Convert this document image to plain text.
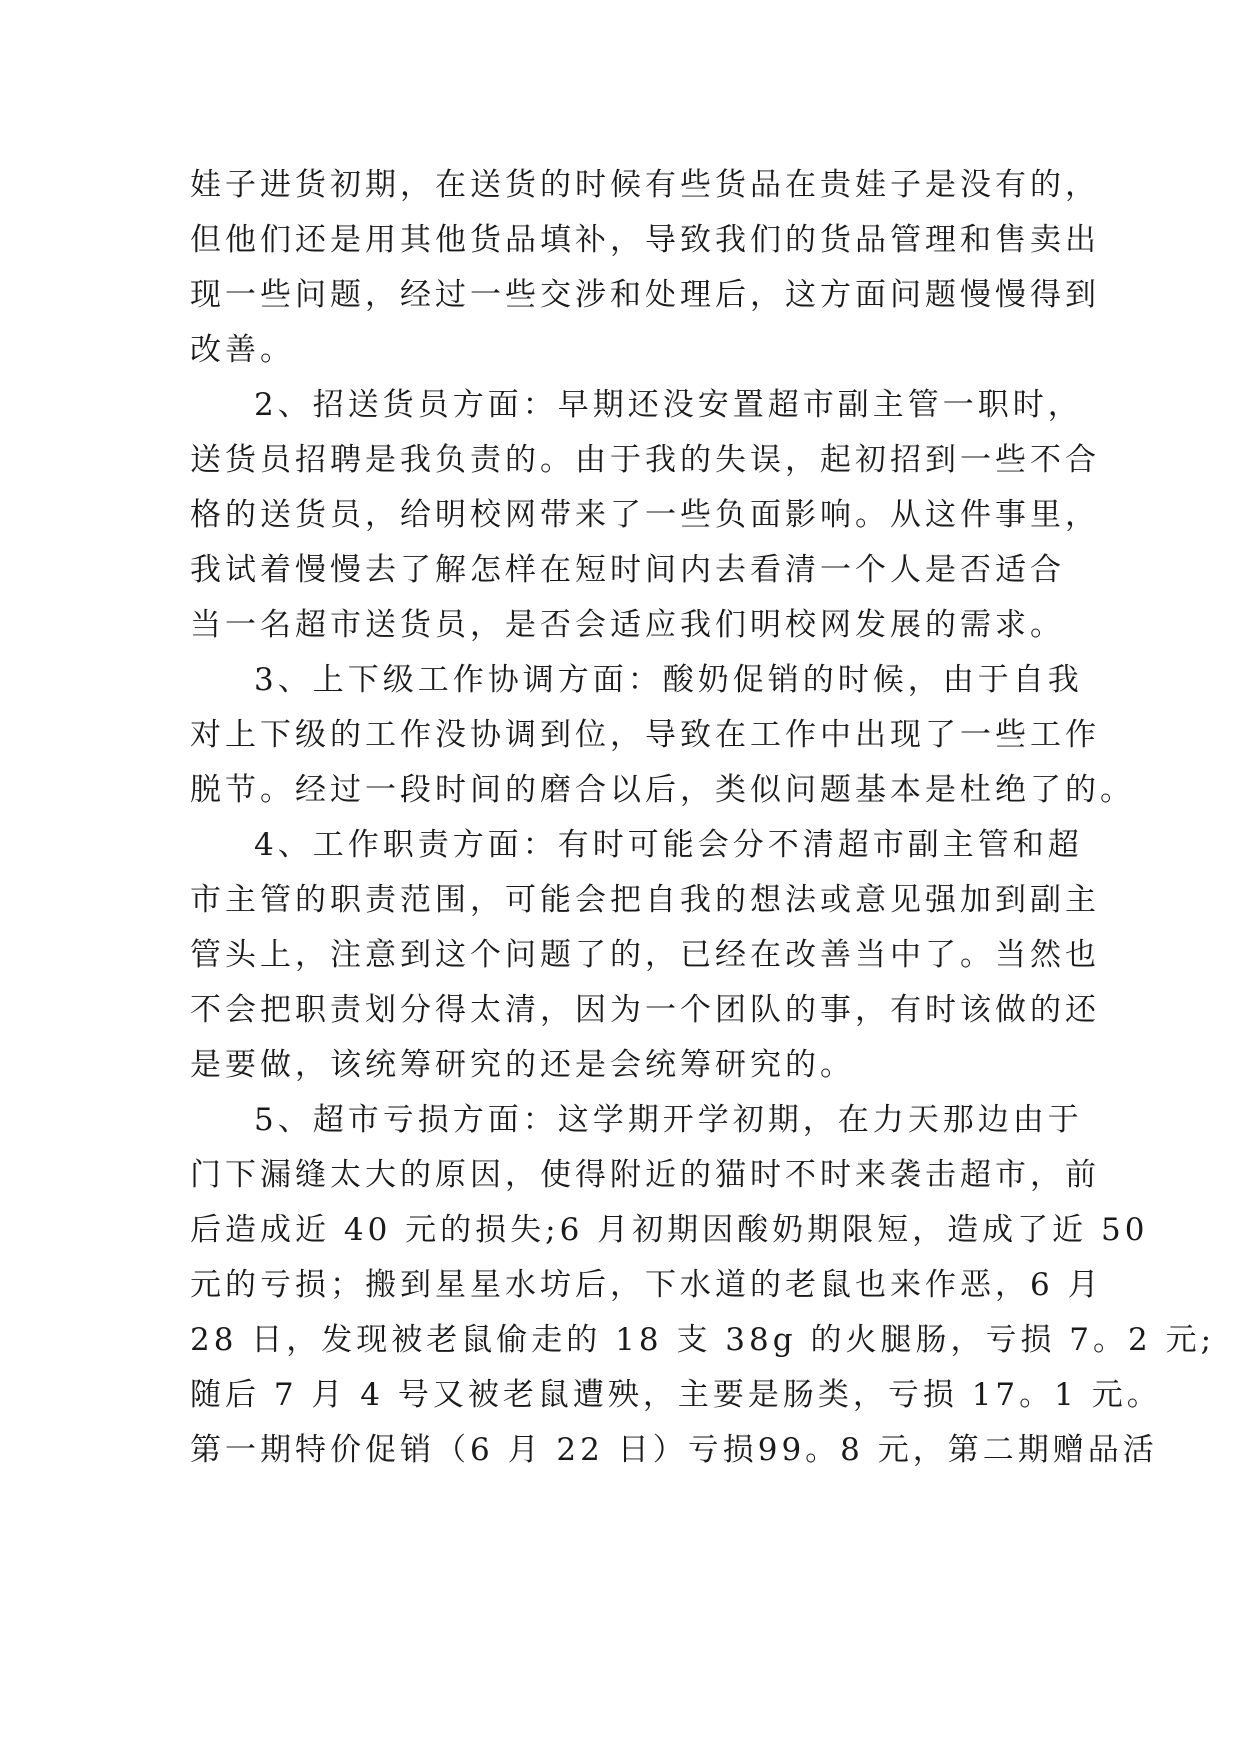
娃子进货初期，在送货的时候有些货品在贵娃子是没有的，
但他们还是用其他货品填补，导致我们的货品管理和售卖出
现一些问题，经过一些交涉和处理后，这方面问题慢慢得到
改善。
2、招送货员方面：早期还没安置超市副主管一职时，
送货员招聘是我负责的。由于我的失误，起初招到一些不合
格的送货员，给明校网带来了一些负面影响。从这件事里，
我试着慢慢去了解怎样在短时间内去看清一个人是否适合
当一名超市送货员，是否会适应我们明校网发展的需求。
3、上下级工作协调方面：酸奶促销的时候，由于自我
对上下级的工作没协调到位，导致在工作中出现了一些工作
脱节。经过一段时间的磨合以后，类似问题基本是杜绝了的。
4、工作职责方面：有时可能会分不清超市副主管和超
市主管的职责范围，可能会把自我的想法或意见强加到副主
管头上，注意到这个问题了的，已经在改善当中了。当然也
不会把职责划分得太清，因为一个团队的事，有时该做的还
是要做，该统筹研究的还是会统筹研究的。
5、超市亏损方面：这学期开学初期，在力天那边由于
门下漏缝太大的原因，使得附近的猫时不时来袭击超市，前
后造成近 40 元的损失;6 月初期因酸奶期限短，造成了近 50
元的亏损；搬到星星水坊后，下水道的老鼠也来作恶，6 月
28 日，发现被老鼠偷走的 18 支 38g 的火腿肠，亏损 7。2 元;
随后 7 月 4 号又被老鼠遭殃，主要是肠类，亏损 17。1 元。
第一期特价促销（6 月 22 日）亏损99。8 元，第二期赠品活
